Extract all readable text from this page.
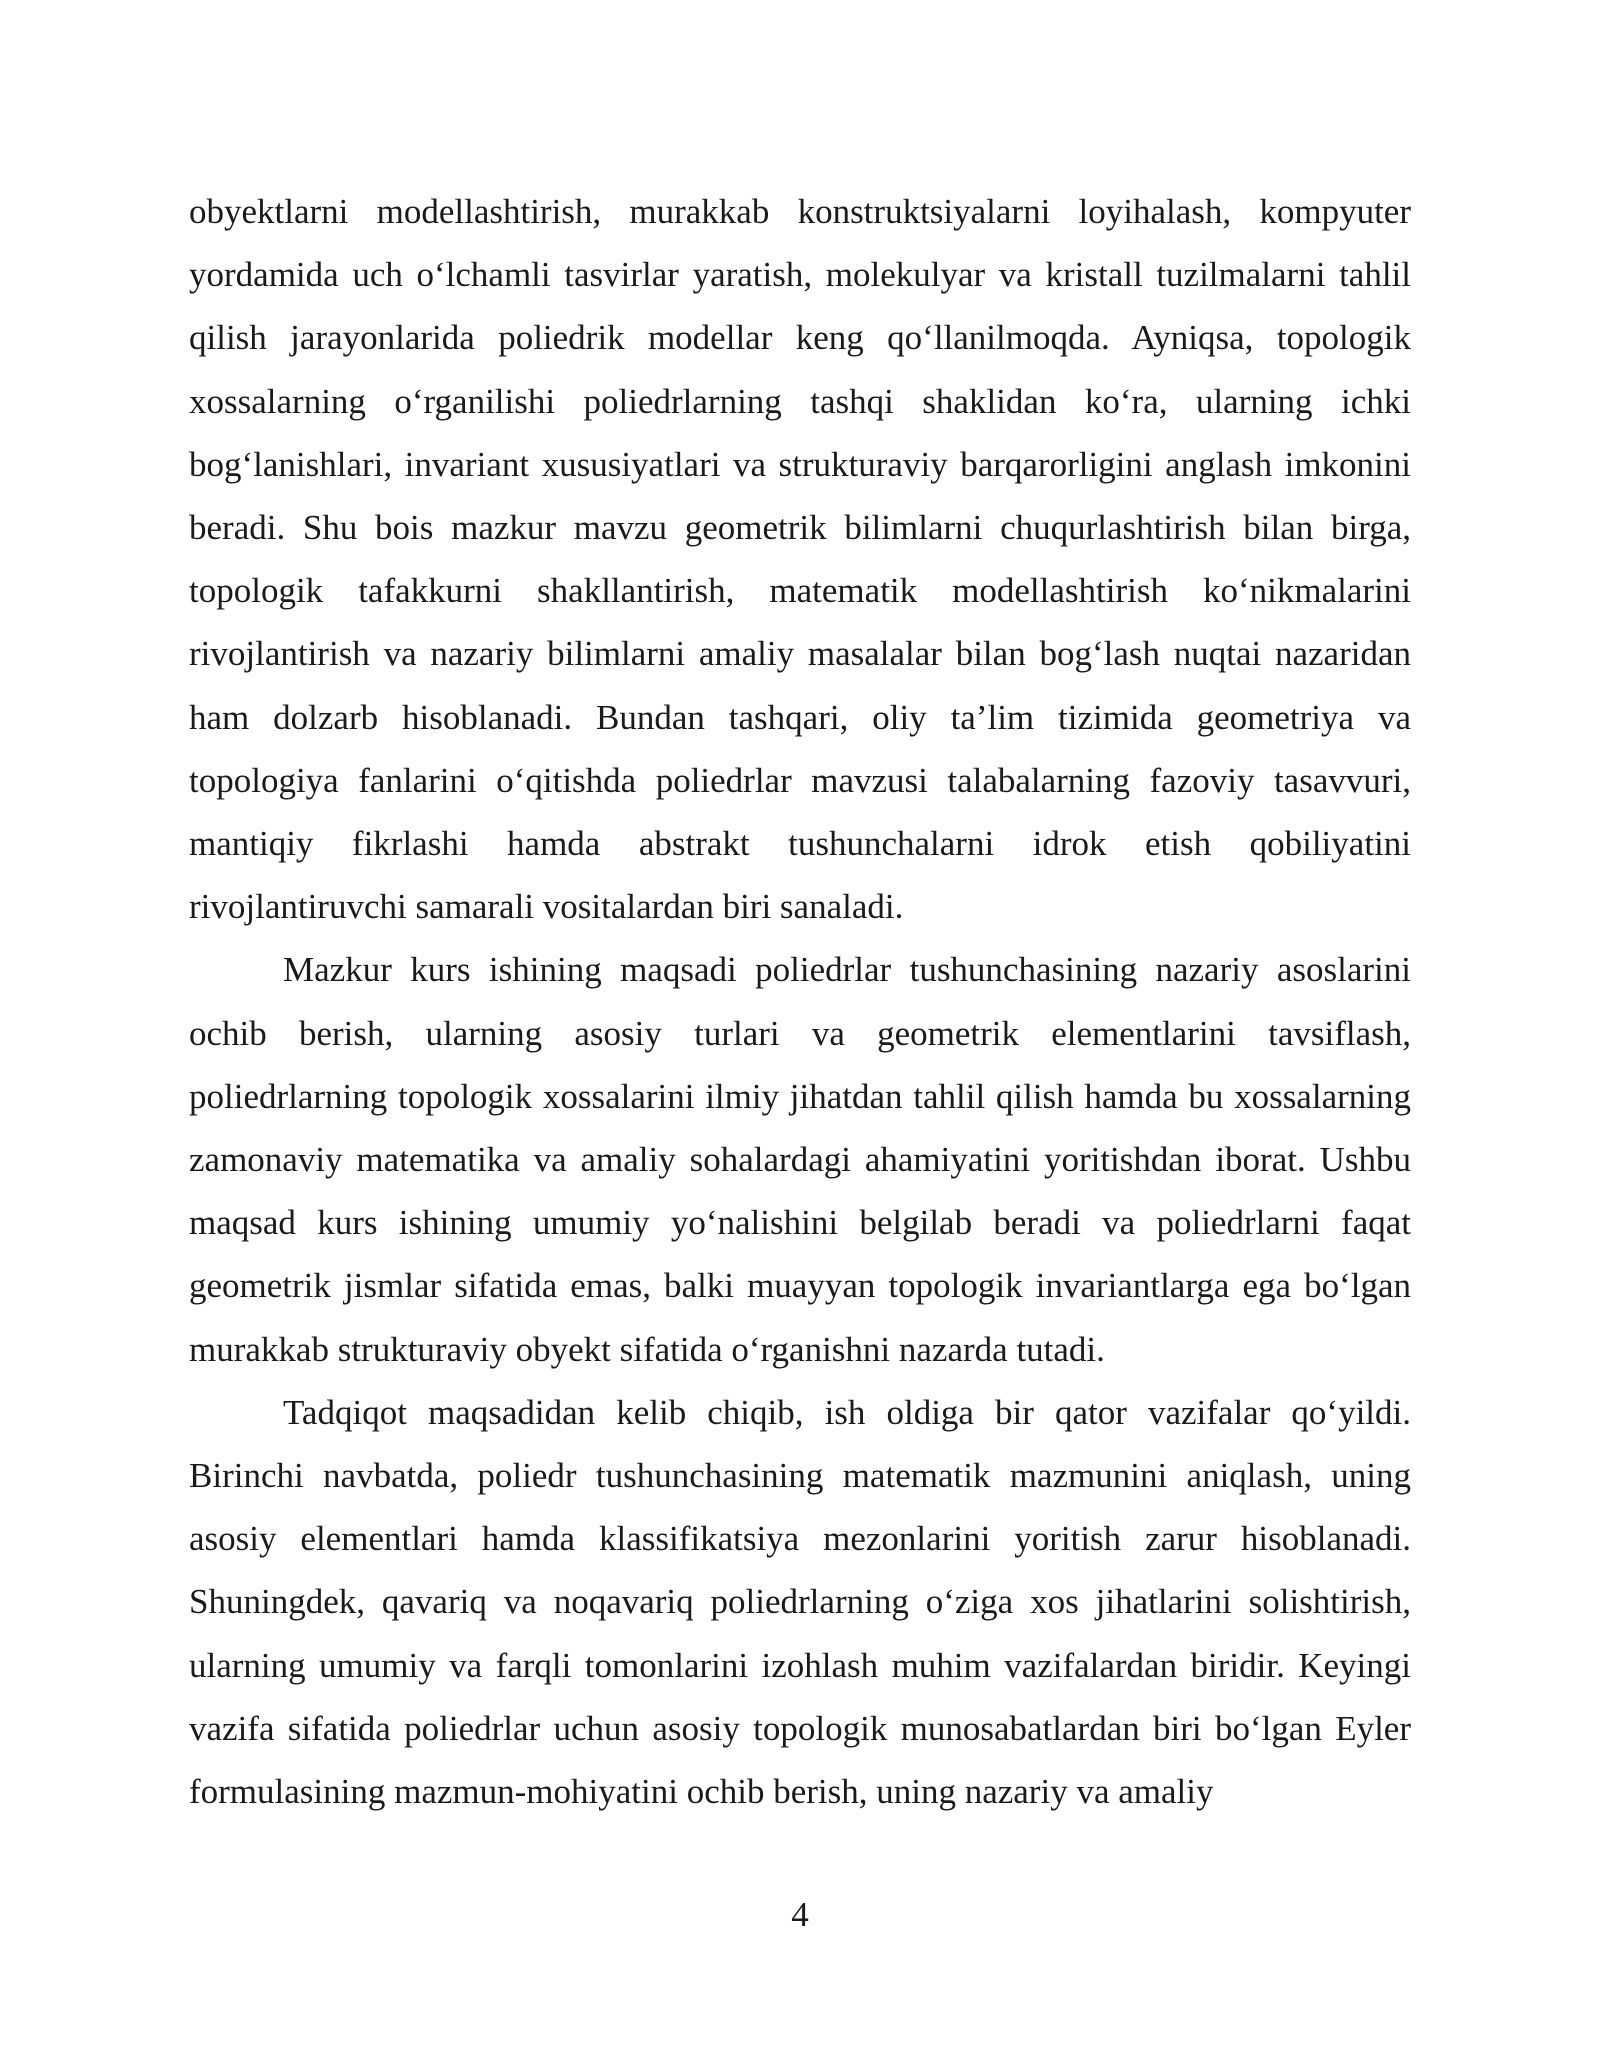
obyektlarni modellashtirish, murakkab konstruktsiyalarni loyihalash, kompyuter yordamida uch o‘lchamli tasvirlar yaratish, molekulyar va kristall tuzilmalarni tahlil qilish jarayonlarida poliedrik modellar keng qo‘llanilmoqda. Ayniqsa, topologik xossalarning o‘rganilishi poliedrlarning tashqi shaklidan ko‘ra, ularning ichki bog‘lanishlari, invariant xususiyatlari va strukturaviy barqarorligini anglash imkonini beradi. Shu bois mazkur mavzu geometrik bilimlarni chuqurlashtirish bilan birga, topologik tafakkurni shakllantirish, matematik modellashtirish ko‘nikmalarini rivojlantirish va nazariy bilimlarni amaliy masalalar bilan bog‘lash nuqtai nazaridan ham dolzarb hisoblanadi. Bundan tashqari, oliy ta’lim tizimida geometriya va topologiya fanlarini o‘qitishda poliedrlar mavzusi talabalarning fazoviy tasavvuri, mantiqiy fikrlashi hamda abstrakt tushunchalarni idrok etish qobiliyatini rivojlantiruvchi samarali vositalardan biri sanaladi.

Mazkur kurs ishining maqsadi poliedrlar tushunchasining nazariy asoslarini ochib berish, ularning asosiy turlari va geometrik elementlarini tavsiflash, poliedrlarning topologik xossalarini ilmiy jihatdan tahlil qilish hamda bu xossalarning zamonaviy matematika va amaliy sohalardagi ahamiyatini yoritishdan iborat. Ushbu maqsad kurs ishining umumiy yo‘nalishini belgilab beradi va poliedrlarni faqat geometrik jismlar sifatida emas, balki muayyan topologik invariantlarga ega bo‘lgan murakkab strukturaviy obyekt sifatida o‘rganishni nazarda tutadi.

Tadqiqot maqsadidan kelib chiqib, ish oldiga bir qator vazifalar qo‘yildi. Birinchi navbatda, poliedr tushunchasining matematik mazmunini aniqlash, uning asosiy elementlari hamda klassifikatsiya mezonlarini yoritish zarur hisoblanadi. Shuningdek, qavariq va noqavariq poliedrlarning o‘ziga xos jihatlarini solishtirish, ularning umumiy va farqli tomonlarini izohlash muhim vazifalardan biridir. Keyingi vazifa sifatida poliedrlar uchun asosiy topologik munosabatlardan biri bo‘lgan Eyler formulasining mazmun-mohiyatini ochib berish, uning nazariy va amaliy

4
